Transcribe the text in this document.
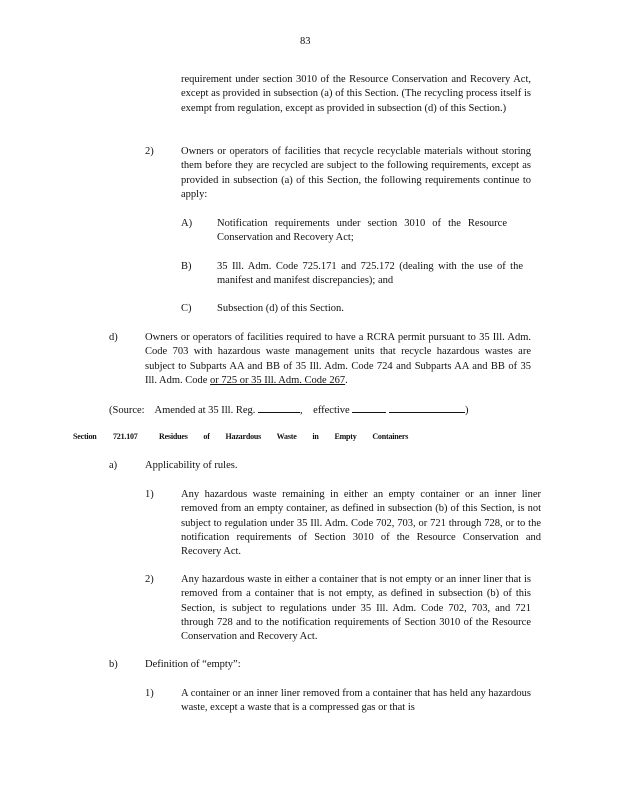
83
requirement under section 3010 of the Resource Conservation and Recovery Act, except as provided in subsection (a) of this Section. (The recycling process itself is exempt from regulation, except as provided in subsection (d) of this Section.)
2)	Owners or operators of facilities that recycle recyclable materials without storing them before they are recycled are subject to the following requirements, except as provided in subsection (a) of this Section, the following requirements continue to apply:
A) Notification requirements under section 3010 of the Resource Conservation and Recovery Act;
B) 35 Ill. Adm. Code 725.171 and 725.172 (dealing with the use of the manifest and manifest discrepancies); and
C) Subsection (d) of this Section.
d)	Owners or operators of facilities required to have a RCRA permit pursuant to 35 Ill. Adm. Code 703 with hazardous waste management units that recycle hazardous wastes are subject to Subparts AA and BB of 35 Ill. Adm. Code 724 and Subparts AA and BB of 35 Ill. Adm. Code or 725 or 35 Ill. Adm. Code 267.
(Source: Amended at 35 Ill. Reg.	, effective	)
Section 721.107	Residues of Hazardous Waste in Empty Containers
a)	Applicability of rules.
1)	Any hazardous waste remaining in either an empty container or an inner liner removed from an empty container, as defined in subsection (b) of this Section, is not subject to regulation under 35 Ill. Adm. Code 702, 703, or 721 through 728, or to the notification requirements of Section 3010 of the Resource Conservation and Recovery Act.
2)	Any hazardous waste in either a container that is not empty or an inner liner that is removed from a container that is not empty, as defined in subsection (b) of this Section, is subject to regulations under 35 Ill. Adm. Code 702, 703, and 721 through 728 and to the notification requirements of Section 3010 of the Resource Conservation and Recovery Act.
b)	Definition of “empty”:
1)	A container or an inner liner removed from a container that has held any hazardous waste, except a waste that is a compressed gas or that is
